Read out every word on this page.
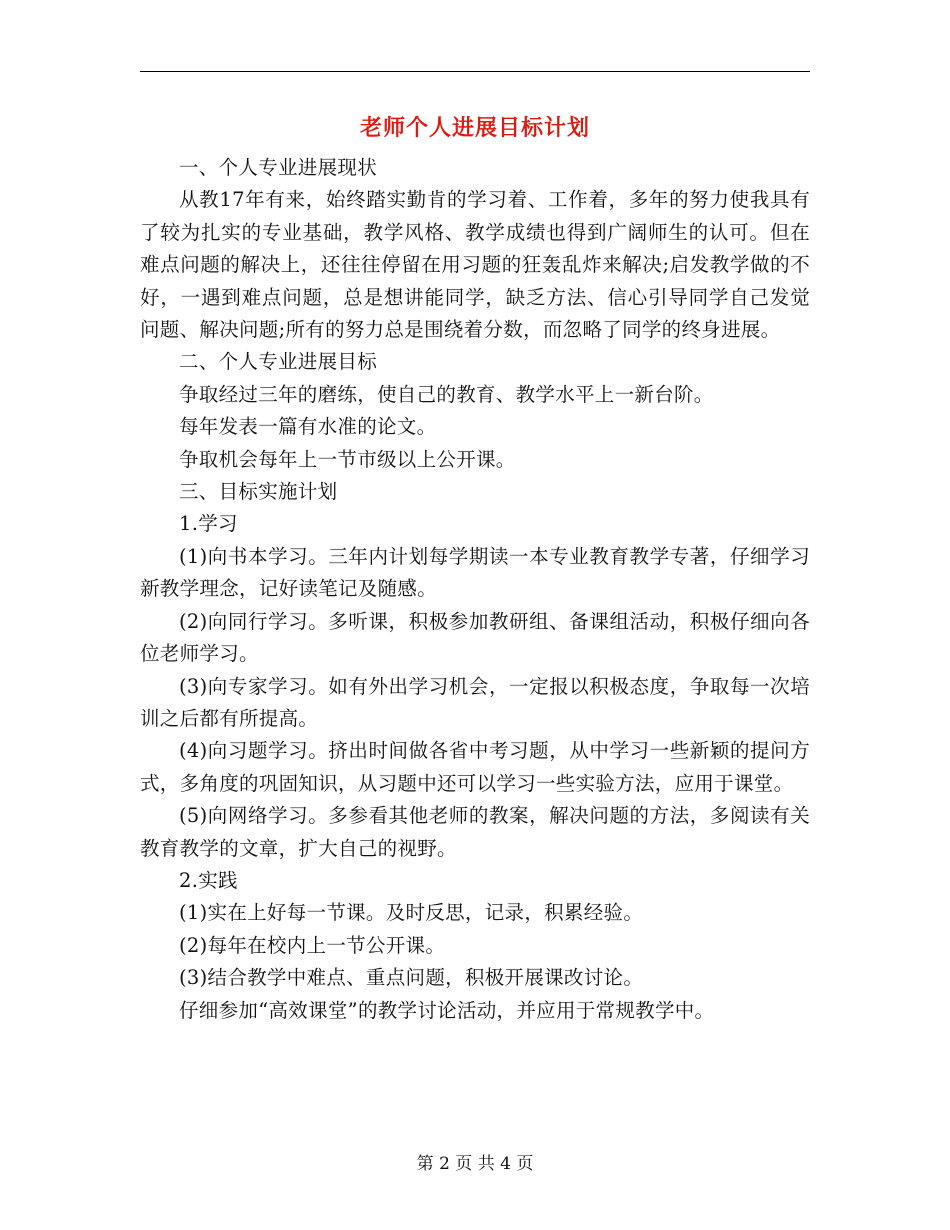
老师个人进展目标计划

一、个人专业进展现状

从教17年有来，始终踏实勤肯的学习着、工作着，多年的努力使我具有了较为扎实的专业基础，教学风格、教学成绩也得到广阔师生的认可。但在难点问题的解决上，还往往停留在用习题的狂轰乱炸来解决;启发教学做的不好，一遇到难点问题，总是想讲能同学，缺乏方法、信心引导同学自己发觉问题、解决问题;所有的努力总是围绕着分数，而忽略了同学的终身进展。

二、个人专业进展目标

争取经过三年的磨练，使自己的教育、教学水平上一新台阶。

每年发表一篇有水准的论文。

争取机会每年上一节市级以上公开课。

三、目标实施计划

1.学习

(1)向书本学习。三年内计划每学期读一本专业教育教学专著，仔细学习新教学理念，记好读笔记及随感。

(2)向同行学习。多听课，积极参加教研组、备课组活动，积极仔细向各位老师学习。

(3)向专家学习。如有外出学习机会，一定报以积极态度，争取每一次培训之后都有所提高。

(4)向习题学习。挤出时间做各省中考习题，从中学习一些新颖的提问方式，多角度的巩固知识，从习题中还可以学习一些实验方法，应用于课堂。

(5)向网络学习。多参看其他老师的教案，解决问题的方法，多阅读有关教育教学的文章，扩大自己的视野。

2.实践

(1)实在上好每一节课。及时反思，记录，积累经验。

(2)每年在校内上一节公开课。

(3)结合教学中难点、重点问题，积极开展课改讨论。

仔细参加“高效课堂”的教学讨论活动，并应用于常规教学中。

第 2 页 共 4 页
